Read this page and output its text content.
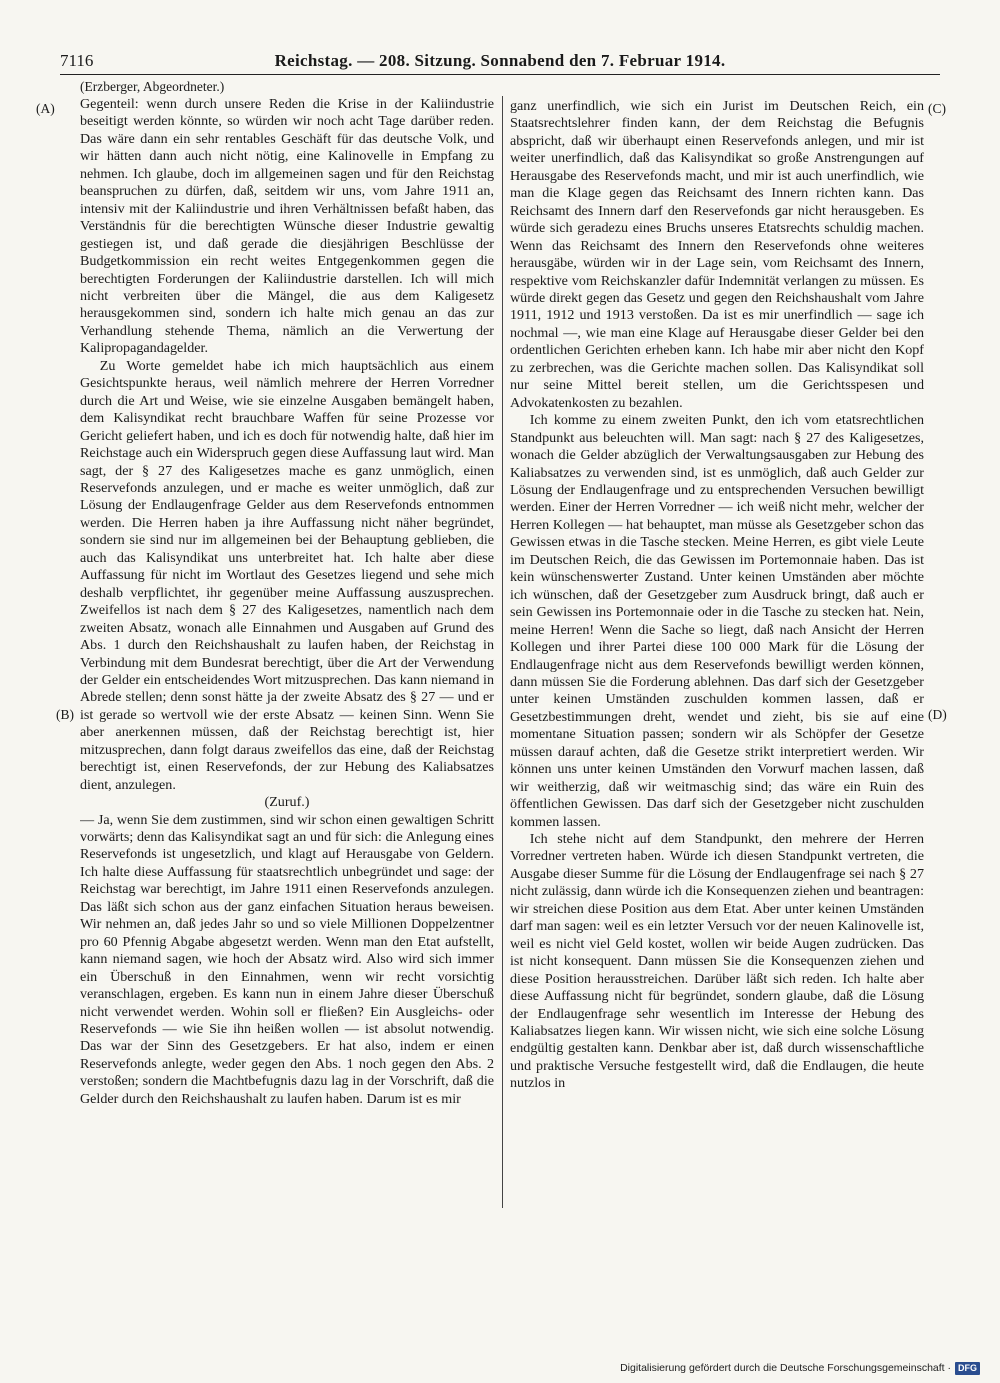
7116	Reichstag. — 208. Sitzung. Sonnabend den 7. Februar 1914.
(Erzberger, Abgeordneter.)
(A)
(B)
(C)
(D)

Gegenteil: wenn durch unsere Reden die Krise in der Kaliindustrie beseitigt werden könnte, so würden wir noch acht Tage darüber reden. Das wäre dann ein sehr rentables Geschäft für das deutsche Volk, und wir hätten dann auch nicht nötig, eine Kalinovelle in Empfang zu nehmen. Ich glaube, doch im allgemeinen sagen und für den Reichstag beanspruchen zu dürfen, daß, seitdem wir uns, vom Jahre 1911 an, intensiv mit der Kaliindustrie und ihren Verhältnissen befaßt haben, das Verständnis für die berechtigten Wünsche dieser Industrie gewaltig gestiegen ist, und daß gerade die diesjährigen Beschlüsse der Budgetkommission ein recht weites Entgegenkommen gegen die berechtigten Forderungen der Kaliindustrie darstellen. Ich will mich nicht verbreiten über die Mängel, die aus dem Kaligesetz herausgekommen sind, sondern ich halte mich genau an das zur Verhandlung stehende Thema, nämlich an die Verwertung der Kalipropagandagelder.

Zu Worte gemeldet habe ich mich hauptsächlich aus einem Gesichtspunkte heraus, weil nämlich mehrere der Herren Vorredner durch die Art und Weise, wie sie einzelne Ausgaben bemängelt haben, dem Kalisyndikat recht brauchbare Waffen für seine Prozesse vor Gericht geliefert haben, und ich es doch für notwendig halte, daß hier im Reichstage auch ein Widerspruch gegen diese Auffassung laut wird. Man sagt, der § 27 des Kaligesetzes mache es ganz unmöglich, einen Reservefonds anzulegen, und er mache es weiter unmöglich, daß zur Lösung der Endlaugenfrage Gelder aus dem Reservefonds entnommen werden. Die Herren haben ja ihre Auffassung nicht näher begründet, sondern sie sind nur im allgemeinen bei der Behauptung geblieben, die auch das Kalisyndikat uns unterbreitet hat. Ich halte aber diese Auffassung für nicht im Wortlaut des Gesetzes liegend und sehe mich deshalb verpflichtet, ihr gegenüber meine Auffassung auszusprechen. Zweifellos ist nach dem § 27 des Kaligesetzes, namentlich nach dem zweiten Absatz, wonach alle Einnahmen und Ausgaben auf Grund des Abs. 1 durch den Reichshaushalt zu laufen haben, der Reichstag in Verbindung mit dem Bundesrat berechtigt, über die Art der Verwendung der Gelder ein entscheidendes Wort mitzusprechen. Das kann niemand in Abrede stellen; denn sonst hätte ja der zweite Absatz des § 27 — und er ist gerade so wertvoll wie der erste Absatz — keinen Sinn. Wenn Sie aber anerkennen müssen, daß der Reichstag berechtigt ist, hier mitzusprechen, dann folgt daraus zweifellos das eine, daß der Reichstag berechtigt ist, einen Reservefonds, der zur Hebung des Kaliabsatzes dient, anzulegen.

(Zuruf.)

— Ja, wenn Sie dem zustimmen, sind wir schon einen gewaltigen Schritt vorwärts; denn das Kalisyndikat sagt an und für sich: die Anlegung eines Reservefonds ist ungesetzlich, und klagt auf Herausgabe von Geldern. Ich halte diese Auffassung für staatsrechtlich unbegründet und sage: der Reichstag war berechtigt, im Jahre 1911 einen Reservefonds anzulegen. Das läßt sich schon aus der ganz einfachen Situation heraus beweisen. Wir nehmen an, daß jedes Jahr so und so viele Millionen Doppelzentner pro 60 Pfennig Abgabe abgesetzt werden. Wenn man den Etat aufstellt, kann niemand sagen, wie hoch der Absatz wird. Also wird sich immer ein Überschuß in den Einnahmen, wenn wir recht vorsichtig veranschlagen, ergeben. Es kann nun in einem Jahre dieser Überschuß nicht verwendet werden. Wohin soll er fließen? Ein Ausgleichs- oder Reservefonds — wie Sie ihn heißen wollen — ist absolut notwendig. Das war der Sinn des Gesetzgebers. Er hat also, indem er einen Reservefonds anlegte, weder gegen den Abs. 1 noch gegen den Abs. 2 verstoßen; sondern die Machtbefugnis dazu lag in der Vorschrift, daß die Gelder durch den Reichshaushalt zu laufen haben. Darum ist es mir

ganz unerfindlich, wie sich ein Jurist im Deutschen Reich, ein Staatsrechtslehrer finden kann, der dem Reichstag die Befugnis abspricht, daß wir überhaupt einen Reservefonds anlegen, und mir ist weiter unerfindlich, daß das Kalisyndikat so große Anstrengungen auf Herausgabe des Reservefonds macht, und mir ist auch unerfindlich, wie man die Klage gegen das Reichsamt des Innern richten kann. Das Reichsamt des Innern darf den Reservefonds gar nicht herausgeben. Es würde sich geradezu eines Bruchs unseres Etatsrechts schuldig machen. Wenn das Reichsamt des Innern den Reservefonds ohne weiteres herausgäbe, würden wir in der Lage sein, vom Reichsamt des Innern, respektive vom Reichskanzler dafür Indemnität verlangen zu müssen. Es würde direkt gegen das Gesetz und gegen den Reichshaushalt vom Jahre 1911, 1912 und 1913 verstoßen. Da ist es mir unerfindlich — sage ich nochmal —, wie man eine Klage auf Herausgabe dieser Gelder bei den ordentlichen Gerichten erheben kann. Ich habe mir aber nicht den Kopf zu zerbrechen, was die Gerichte machen sollen. Das Kalisyndikat soll nur seine Mittel bereit stellen, um die Gerichtsspesen und Advokatenkosten zu bezahlen.

Ich komme zu einem zweiten Punkt, den ich vom etatsrechtlichen Standpunkt aus beleuchten will. Man sagt: nach § 27 des Kaligesetzes, wonach die Gelder abzüglich der Verwaltungsausgaben zur Hebung des Kaliabsatzes zu verwenden sind, ist es unmöglich, daß auch Gelder zur Lösung der Endlaugenfrage und zu entsprechenden Versuchen bewilligt werden. Einer der Herren Vorredner — ich weiß nicht mehr, welcher der Herren Kollegen — hat behauptet, man müsse als Gesetzgeber schon das Gewissen etwas in die Tasche stecken. Meine Herren, es gibt viele Leute im Deutschen Reich, die das Gewissen im Portemonnaie haben. Das ist kein wünschenswerter Zustand. Unter keinen Umständen aber möchte ich wünschen, daß der Gesetzgeber zum Ausdruck bringt, daß auch er sein Gewissen ins Portemonnaie oder in die Tasche zu stecken hat. Nein, meine Herren! Wenn die Sache so liegt, daß nach Ansicht der Herren Kollegen und ihrer Partei diese 100 000 Mark für die Lösung der Endlaugenfrage nicht aus dem Reservefonds bewilligt werden können, dann müssen Sie die Forderung ablehnen. Das darf sich der Gesetzgeber unter keinen Umständen zuschulden kommen lassen, daß er Gesetzbestimmungen dreht, wendet und zieht, bis sie auf eine momentane Situation passen; sondern wir als Schöpfer der Gesetze müssen darauf achten, daß die Gesetze strikt interpretiert werden. Wir können uns unter keinen Umständen den Vorwurf machen lassen, daß wir weitherzig, daß wir weitmaschig sind; das wäre ein Ruin des öffentlichen Gewissen. Das darf sich der Gesetzgeber nicht zuschulden kommen lassen.

Ich stehe nicht auf dem Standpunkt, den mehrere der Herren Vorredner vertreten haben. Würde ich diesen Standpunkt vertreten, die Ausgabe dieser Summe für die Lösung der Endlaugenfrage sei nach § 27 nicht zulässig, dann würde ich die Konsequenzen ziehen und beantragen: wir streichen diese Position aus dem Etat. Aber unter keinen Umständen darf man sagen: weil es ein letzter Versuch vor der neuen Kalinovelle ist, weil es nicht viel Geld kostet, wollen wir beide Augen zudrücken. Das ist nicht konsequent. Dann müssen Sie die Konsequenzen ziehen und diese Position herausstreichen. Darüber läßt sich reden. Ich halte aber diese Auffassung nicht für begründet, sondern glaube, daß die Lösung der Endlaugenfrage sehr wesentlich im Interesse der Hebung des Kaliabsatzes liegen kann. Wir wissen nicht, wie sich eine solche Lösung endgültig gestalten kann. Denkbar aber ist, daß durch wissenschaftliche und praktische Versuche festgestellt wird, daß die Endlaugen, die heute nutzlos in

Digitalisierung gefördert durch die Deutsche Forschungsgemeinschaft · DFG
